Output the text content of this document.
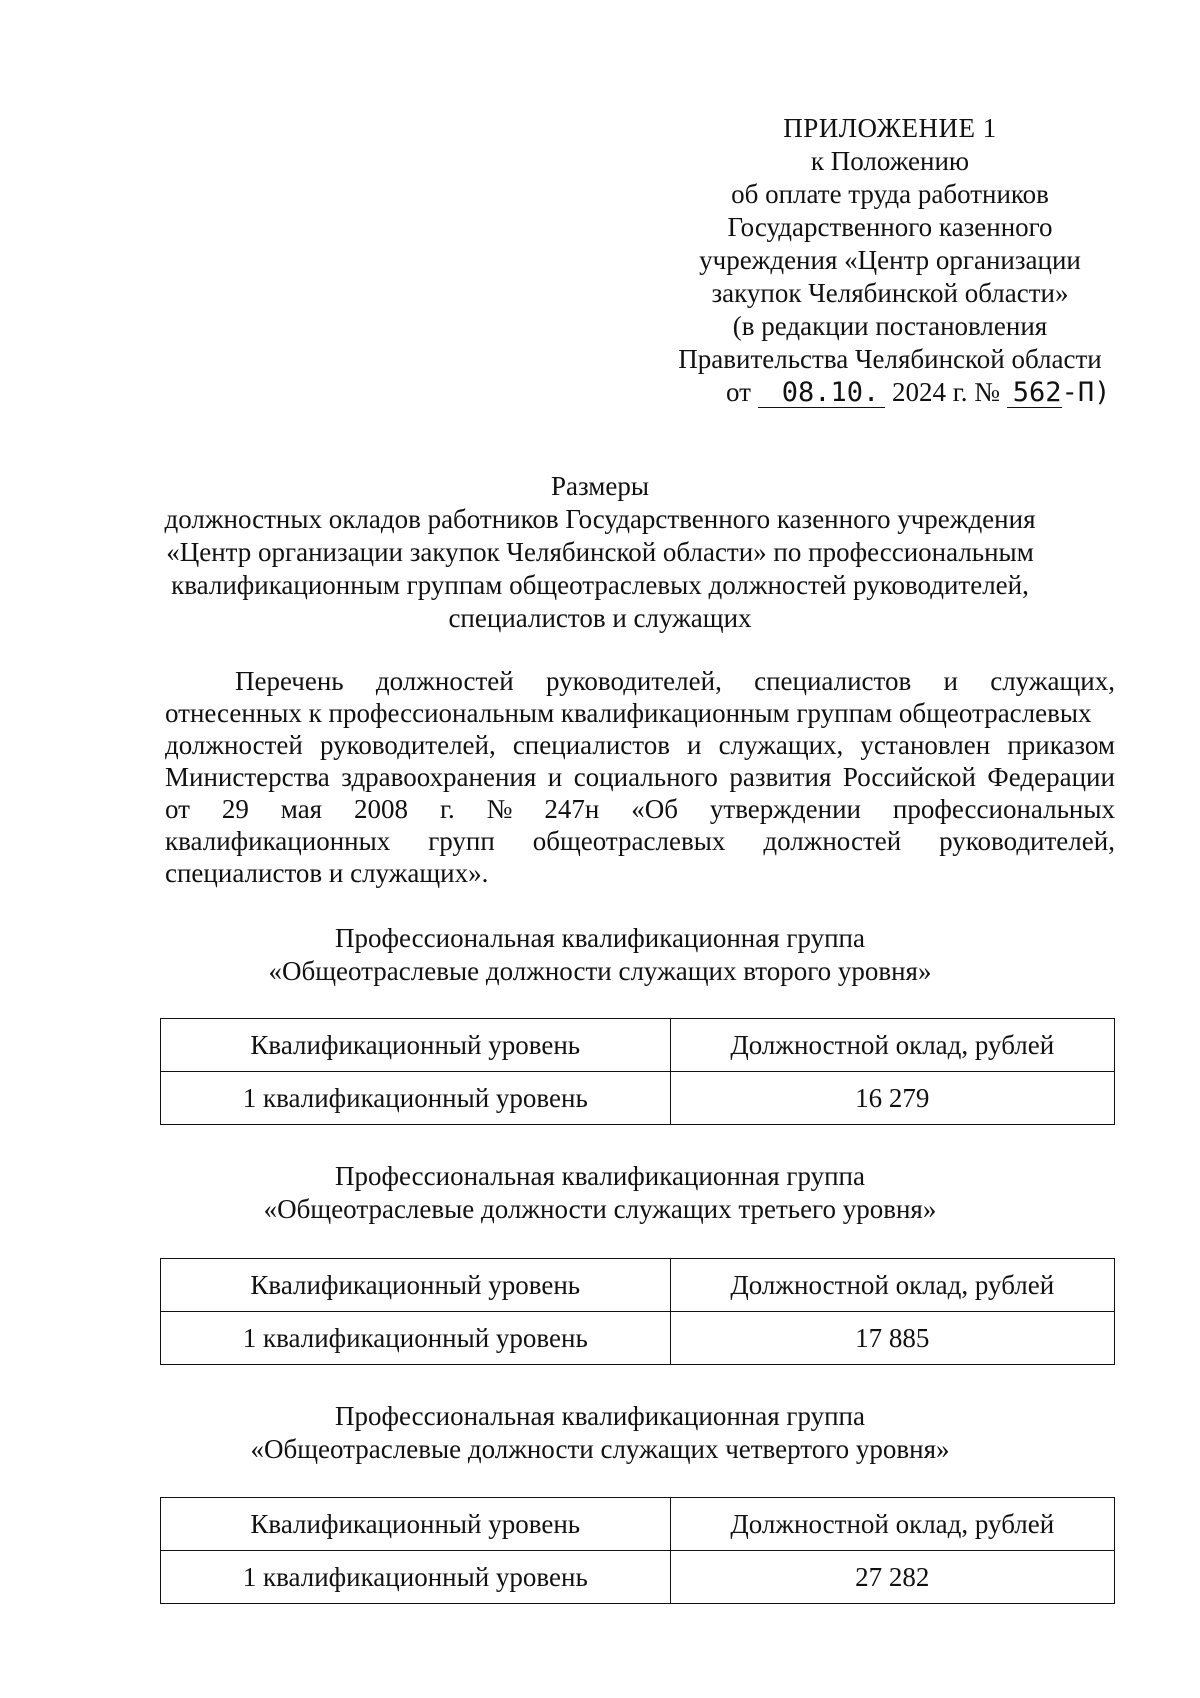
ПРИЛОЖЕНИЕ 1
к Положению
об оплате труда работников
Государственного казенного
учреждения «Центр организации
закупок Челябинской области»
(в редакции постановления
Правительства Челябинской области
от 08.10. 2024 г. № 562-П)
Размеры
должностных окладов работников Государственного казенного учреждения
«Центр организации закупок Челябинской области» по профессиональным
квалификационным группам общеотраслевых должностей руководителей,
специалистов и служащих
Перечень должностей руководителей, специалистов и служащих,
отнесенных к профессиональным квалификационным группам общеотраслевых
должностей руководителей, специалистов и служащих, установлен приказом
Министерства здравоохранения и социального развития Российской Федерации
от 29 мая 2008 г. № 247н «Об утверждении профессиональных
квалификационных групп общеотраслевых должностей руководителей,
специалистов и служащих».
Профессиональная квалификационная группа
«Общеотраслевые должности служащих второго уровня»
Квалификационный уровень	Должностной оклад, рублей
1 квалификационный уровень	16 279
Профессиональная квалификационная группа
«Общеотраслевые должности служащих третьего уровня»
Квалификационный уровень	Должностной оклад, рублей
1 квалификационный уровень	17 885
Профессиональная квалификационная группа
«Общеотраслевые должности служащих четвертого уровня»
Квалификационный уровень	Должностной оклад, рублей
1 квалификационный уровень	27 282
